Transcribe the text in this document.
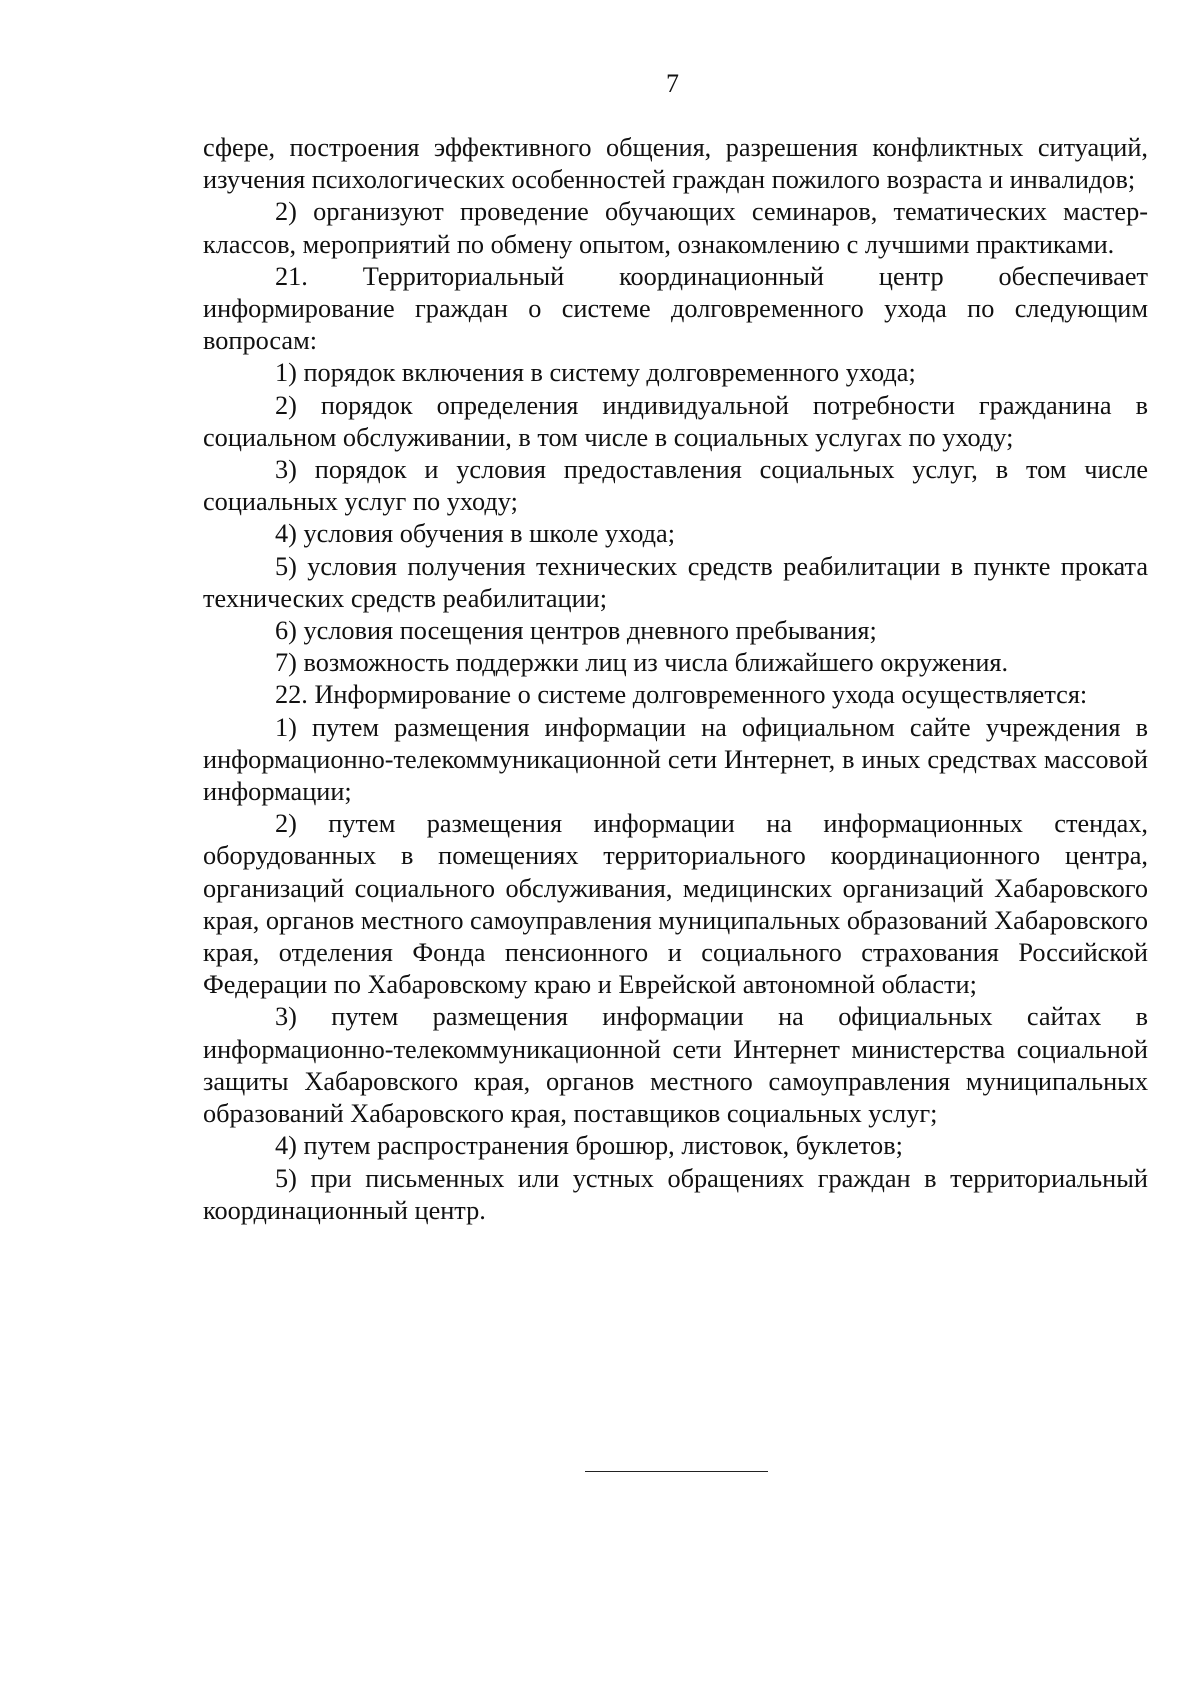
7

сфере, построения эффективного общения, разрешения конфликтных ситуаций, изучения психологических особенностей граждан пожилого возраста и инвалидов;

2) организуют проведение обучающих семинаров, тематических мастер-классов, мероприятий по обмену опытом, ознакомлению с лучшими практиками.

21. Территориальный координационный центр обеспечивает информирование граждан о системе долговременного ухода по следующим вопросам:

1) порядок включения в систему долговременного ухода;

2) порядок определения индивидуальной потребности гражданина в социальном обслуживании, в том числе в социальных услугах по уходу;

3) порядок и условия предоставления социальных услуг, в том числе социальных услуг по уходу;

4) условия обучения в школе ухода;

5) условия получения технических средств реабилитации в пункте проката технических средств реабилитации;

6) условия посещения центров дневного пребывания;

7) возможность поддержки лиц из числа ближайшего окружения.

22. Информирование о системе долговременного ухода осуществляется:

1) путем размещения информации на официальном сайте учреждения в информационно-телекоммуникационной сети Интернет, в иных средствах массовой информации;

2) путем размещения информации на информационных стендах, оборудованных в помещениях территориального координационного центра, организаций социального обслуживания, медицинских организаций Хабаровского края, органов местного самоуправления муниципальных образований Хабаровского края, отделения Фонда пенсионного и социального страхования Российской Федерации по Хабаровскому краю и Еврейской автономной области;

3) путем размещения информации на официальных сайтах в информационно-телекоммуникационной сети Интернет министерства социальной защиты Хабаровского края, органов местного самоуправления муниципальных образований Хабаровского края, поставщиков социальных услуг;

4) путем распространения брошюр, листовок, буклетов;

5) при письменных или устных обращениях граждан в территориальный координационный центр.
